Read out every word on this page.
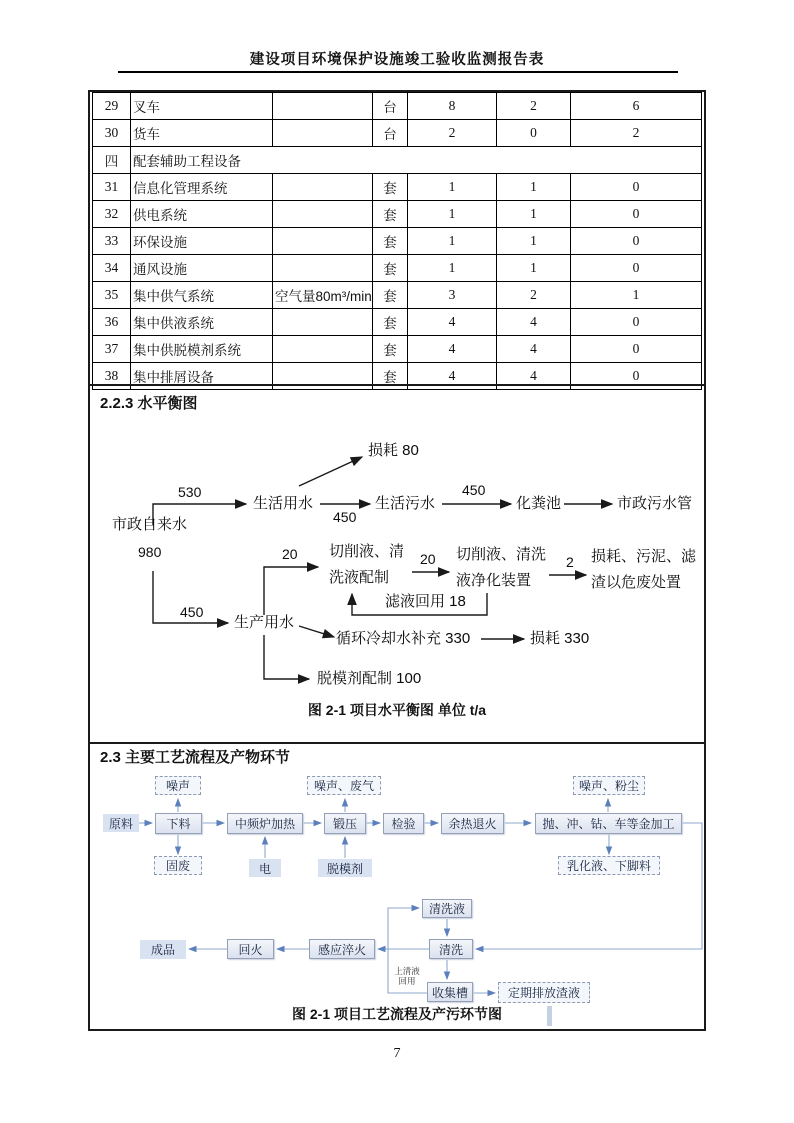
建设项目环境保护设施竣工验收监测报告表
29	叉车		台	8	2	6
30	货车		台	2	0	2
四	配套辅助工程设备					
31	信息化管理系统		套	1	1	0
32	供电系统		套	1	1	0
33	环保设施		套	1	1	0
34	通风设施		套	1	1	0
35	集中供气系统	空气量80m³/min	套	3	2	1
36	集中供液系统		套	4	4	0
37	集中供脱模剂系统		套	4	4	0
38	集中排屑设备		套	4	4	0
2.2.3 水平衡图
市政自来水
980
530
生活用水
损耗 80
450
生活污水
450
化粪池	市政污水管
450
生产用水
20 切削液、清
洗液配制
20 切削液、清洗
液净化装置
2 损耗、污泥、滤
渣以危废处置
滤液回用 18
循环冷却水补充 330	损耗 330
脱模剂配制 100
图 2-1 项目水平衡图 单位 t/a
2.3 主要工艺流程及产物环节
噪声	噪声、废气	噪声、粉尘
原料	下料	中频炉加热	锻压	检验	余热退火	抛、冲、钻、车等金加工
固废	电	脱模剂	乳化液、下脚料
清洗液
清洗
感应淬火
回火
成品
收集槽	定期排放渣液
上清液
回用
图 2-1 项目工艺流程及产污环节图
7
